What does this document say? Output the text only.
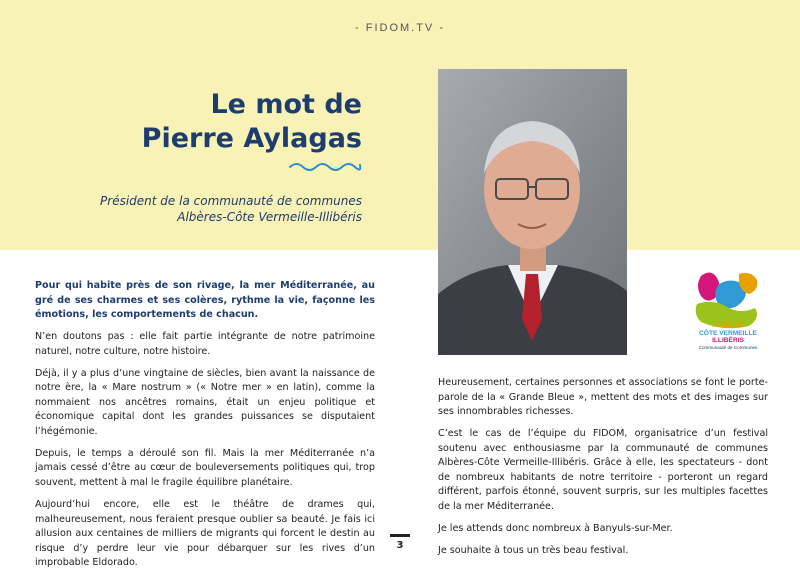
- FIDOM.TV -
Le mot de
Pierre Aylagas
Président de la communauté de communes
Albères-Côte Vermeille-Illibéris
ALBÈRES
CÔTE VERMEILLE
ILLIBÉRIS
Communauté de Communes

Pour qui habite près de son rivage, la mer Méditerranée, au gré de ses charmes et ses colères, rythme la vie, façonne les émotions, les comportements de chacun.

N’en doutons pas : elle fait partie intégrante de notre patrimoine naturel, notre culture, notre histoire.

Déjà, il y a plus d’une vingtaine de siècles, bien avant la naissance de notre ère, la « Mare nostrum » (« Notre mer » en latin), comme la nommaient nos ancêtres romains, était un enjeu politique et économique capital dont les grandes puissances se disputaient l’hégémonie.

Depuis, le temps a déroulé son fil. Mais la mer Méditerranée n’a jamais cessé d’être au cœur de bouleversements politiques qui, trop souvent, mettent à mal le fragile équilibre planétaire.

Aujourd’hui encore, elle est le théâtre de drames qui, malheureusement, nous feraient presque oublier sa beauté. Je fais ici allusion aux centaines de milliers de migrants qui forcent le destin au risque d’y perdre leur vie pour débarquer sur les rives d’un improbable Eldorado.

Heureusement, certaines personnes et associations se font le porte-parole de la « Grande Bleue », mettent des mots et des images sur ses innombrables richesses.

C’est le cas de l’équipe du FIDOM, organisatrice d’un festival soutenu avec enthousiasme par la communauté de communes Albères-Côte Vermeille-Illibéris. Grâce à elle, les spectateurs - dont de nombreux habitants de notre territoire - porteront un regard différent, parfois étonné, souvent surpris, sur les multiples facettes de la mer Méditerranée.

Je les attends donc nombreux à Banyuls-sur-Mer.

Je souhaite à tous un très beau festival.

3
